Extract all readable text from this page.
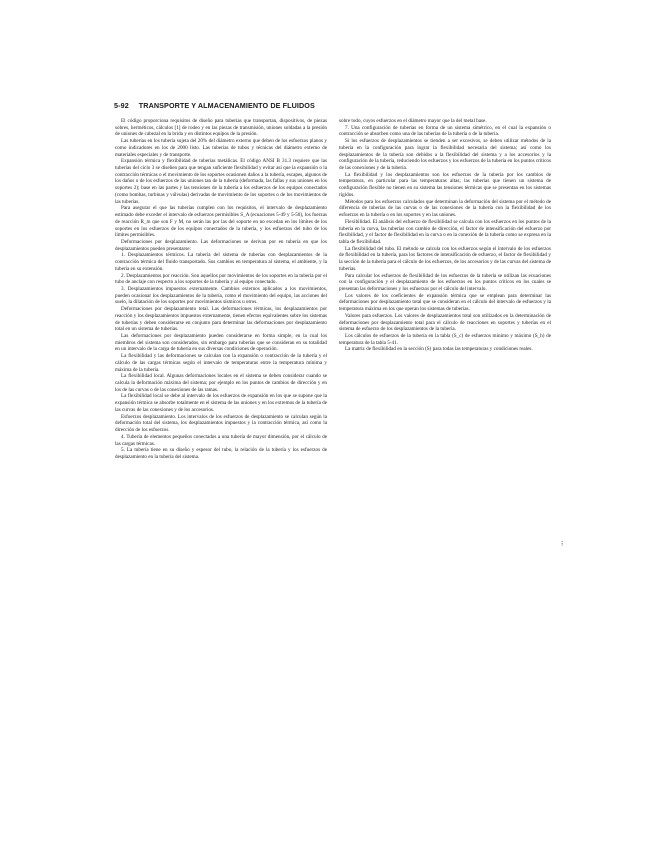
5-92 TRANSPORTE Y ALMACENAMIENTO DE FLUIDOS

El código proporciona requisitos de diseño para tuberías que transportan, dispositivos, de piezas sobres, herméticos, cálculos [1] de rodeo y en las piezas de transmisión, uniones soldadas a la presión de uniones de cabezal en la brida y en distintos equipos de la presión.

Las tuberías en los tubería sujeta del 20% del diámetro externo que deben de los esfuerzos planos y como indicadores en los de 2000 listo. Las tuberías de tubos y técnicas del diámetro externo de materiales especiales y de transporte.

Expansión térmica y flexibilidad de tuberías metálicas. El código ANSI B 31.3 requiere que las tuberías del ciclo 3 se diseñen para que tengan suficiente flexibilidad y evitar así que la expansión o la contracción térmicas o el movimiento de los soportes ocasionen daños a la tubería, escapes, algunos de los daños o de los esfuerzos de las uniones tan de la tubería (deformada, las fallas y sus uniones en los soportes 2); base en las partes y las tensiones de la tubería a los esfuerzos de los equipos conectados (como bombas, turbinas y válvulas) derivadas de movimiento de los soportes o de los movimientos de las tuberías.

Para asegurar el que las tuberías cumplen con los requisitos, el intervalo de desplazamiento estimado debe exceder el intervalo de esfuerzos permisibles S_A (ecuaciones 5-49 y 5-50), los fuerzas de reacción R_m que son F y M, no serán las por las del soporte en no excedan en los límites de los soportes en los esfuerzos de los equipos conectados de la tubería, y los esfuerzos del tubo de los límites permisibles.

Deformaciones por desplazamiento. Las deformaciones se derivan por en tubería en que los desplazamientos pueden presentarse:

1. Desplazamientos térmicos. La tubería del sistema de tuberías con desplazamientos de la contracción térmica del fluido transportado. Sus cambios en temperatura al sistema, el ambiente, y la tubería en su extensión.

2. Desplazamientos por reacción. Son aquellos por movimientos de los soportes en la tubería por el tubo de anclaje con respecto a los soportes de la tubería y al equipo conectado.

3. Desplazamientos impuestos externamente. Cambios externos aplicados a los movimientos, pueden ocasionar los desplazamientos de la tubería, como el movimiento del equipo, las acciones del suelo, la dilatación de los soportes por movimientos sísmicos u otros.

Deformaciones por desplazamiento total. Las deformaciones térmicas, los desplazamientos por reacción y los desplazamientos impuestos externamente, tienen efectos equivalentes sobre los sistemas de tuberías y deben considerarse en conjunto para determinar las deformaciones por desplazamiento total en un sistema de tuberías.

Las deformaciones por desplazamiento pueden considerarse en forma simple, en la cual los miembros del sistema son considerados, sin embargo para tuberías que se consideran en su totalidad en un intervalo de la carga de tubería en sus diversas condiciones de operación.

La flexibilidad y las deformaciones se calculan con la expansión o contracción de la tubería y el cálculo de las cargas térmicas según el intervalo de temperaturas entre la temperatura mínima y máxima de la tubería.

La flexibilidad local. Algunas deformaciones locales en el sistema se deben considerar cuando se calcula la deformación máxima del sistema; por ejemplo en los puntos de cambios de dirección y en los de las curvas o de las conexiones de las ramas.

La flexibilidad local se debe al intervalo de los esfuerzos de expansión en los que se supone que la expansión térmica se absorbe totalmente en el sistema de las uniones y en los extremos de la tubería de las curvas de las conexiones y de los accesorios.

Esfuerzos desplazamiento. Los intervalos de los esfuerzos de desplazamiento se calculan según la deformación total del sistema, los desplazamientos impuestos y la contracción térmica, así como la dirección de los esfuerzos.

4. Tubería de elementos pequeños conectados a una tubería de mayor dimensión, por el cálculo de las cargas térmicas.

5. La tubería tiene en su diseño y espesor del tubo, la relación de la tubería y los esfuerzos de desplazamiento en la tubería del sistema.

sobre todo, cuyos esfuerzos en el diámetro mayor que la del metal base.

7. Una configuración de tuberías en forma de un sistema simétrico, en el cual la expansión o contracción se absorben como una de las tuberías de la tubería o de la tubería.

Si los esfuerzos de desplazamientos se tienden a ser excesivos, se deben utilizar métodos de la tubería en la configuración para lograr la flexibilidad necesaria del sistema; así como los desplazamientos de la tubería son debidos a la flexibilidad del sistema y a los accesorios y la configuración de la tubería, reduciendo los esfuerzos y los esfuerzos de la tubería en los puntos críticos de las conexiones y de la tubería.

La flexibilidad y los desplazamientos son los esfuerzos de la tubería por los cambios de temperatura, en particular para las temperaturas altas; las tuberías que tienen un sistema de configuración flexible no tienen en su sistema las tensiones térmicas que se presentan en los sistemas rígidos.

Métodos para los esfuerzos calculados que determinan la deformación del sistema por el método de diferencia de tuberías de las curvas o de las conexiones de la tubería con la flexibilidad de los esfuerzos en la tubería o en los soportes y en las uniones.

Flexibilidad. El análisis del esfuerzo de flexibilidad se calcula con los esfuerzos en los puntos de la tubería en la curva, las tuberías con cambio de dirección, el factor de intensificación del esfuerzo por flexibilidad, y el factor de flexibilidad en la curva o en la conexión de la tubería como se expresa en la tabla de flexibilidad.

La flexibilidad del tubo. El método se calcula con los esfuerzos según el intervalo de los esfuerzos de flexibilidad en la tubería, para los factores de intensificación de esfuerzo, el factor de flexibilidad y la sección de la tubería para el cálculo de los esfuerzos, de los accesorios y de las curvas del sistema de tuberías.

Para calcular los esfuerzos de flexibilidad de los esfuerzos de la tubería se utilizan las ecuaciones con la configuración y el desplazamiento de los esfuerzos en los puntos críticos en los cuales se presentan las deformaciones y los esfuerzos por el cálculo del intervalo.

Los valores de los coeficientes de expansión térmica que se emplean para determinar las deformaciones por desplazamiento total que se consideran en el cálculo del intervalo de esfuerzos y la temperatura máxima en los que operan los sistemas de tuberías.

Valores para esfuerzos. Los valores de desplazamientos total son utilizados en la determinación de deformaciones por desplazamiento total para el cálculo de reacciones en soportes y tuberías en el sistema de esfuerzo de los desplazamientos de la tubería.

Los cálculos de esfuerzos de la tubería en la tabla (S_c) de esfuerzos mínimo y máximo (S_h) de temperatura de la tabla 5-41.

La matriz de flexibilidad en la sección (S) para todas las temperaturas y condiciones reales.

⁝
